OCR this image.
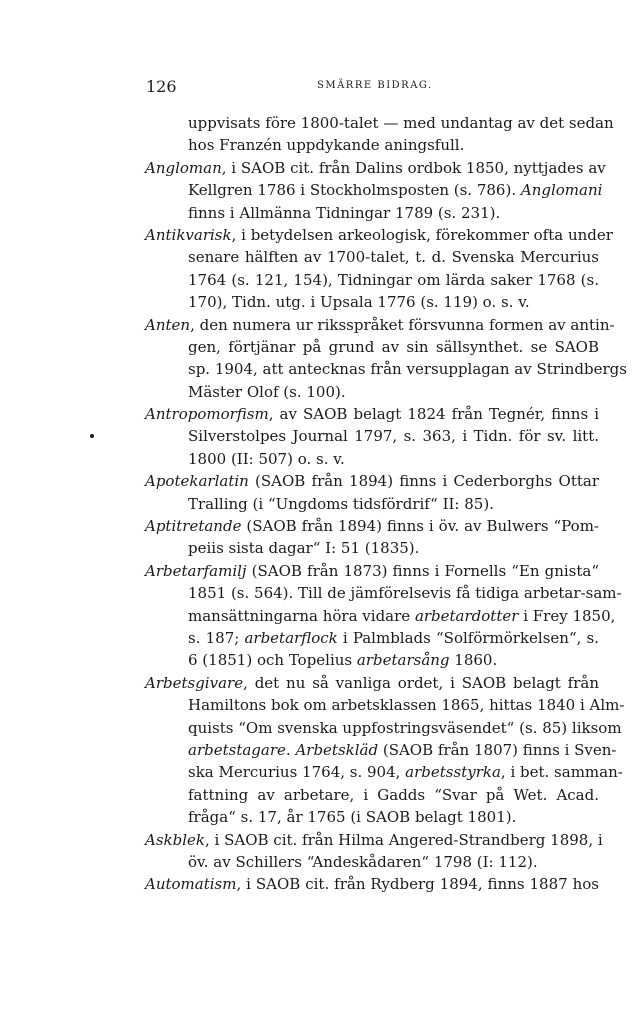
126	SMÄRRE BIDRAG.
uppvisats före 1800-talet — med undantag av det sedan
hos Franzén uppdykande aningsfull.
Angloman, i SAOB cit. från Dalins ordbok 1850, nyttjades av
Kellgren 1786 i Stockholmsposten (s. 786). Anglomani
finns i Allmänna Tidningar 1789 (s. 231).
Antikvarisk, i betydelsen arkeologisk, förekommer ofta under
senare hälften av 1700-talet, t. d. Svenska Mercurius
1764 (s. 121, 154), Tidningar om lärda saker 1768 (s.
170), Tidn. utg. i Upsala 1776 (s. 119) o. s. v.
Anten, den numera ur riksspråket försvunna formen av antin-
gen, förtjänar på grund av sin sällsynthet. se SAOB
sp. 1904, att antecknas från versupplagan av Strindbergs
Mäster Olof (s. 100).
Antropomorfism, av SAOB belagt 1824 från Tegnér, finns i
Silverstolpes Journal 1797, s. 363, i Tidn. för sv. litt.
1800 (II: 507) o. s. v.
Apotekarlatin (SAOB från 1894) finns i Cederborghs Ottar
Tralling (i “Ungdoms tidsfördrif“ II: 85).
Aptitretande (SAOB från 1894) finns i öv. av Bulwers “Pom-
peiis sista dagar“ I: 51 (1835).
Arbetarfamilj (SAOB från 1873) finns i Fornells “En gnista“
1851 (s. 564). Till de jämförelsevis få tidiga arbetar-sam-
mansättningarna höra vidare arbetardotter i Frey 1850,
s. 187; arbetarflock i Palmblads “Solförmörkelsen“, s.
6 (1851) och Topelius arbetarsång 1860.
Arbetsgivare, det nu så vanliga ordet, i SAOB belagt från
Hamiltons bok om arbetsklassen 1865, hittas 1840 i Alm-
quists “Om svenska uppfostringsväsendet“ (s. 85) liksom
arbetstagare. Arbetskläd (SAOB från 1807) finns i Sven-
ska Mercurius 1764, s. 904, arbetsstyrka, i bet. samman-
fattning av arbetare, i Gadds “Svar på Wet. Acad.
fråga“ s. 17, år 1765 (i SAOB belagt 1801).
Askblek, i SAOB cit. från Hilma Angered-Strandberg 1898, i
öv. av Schillers “Andeskådaren“ 1798 (I: 112).
Automatism, i SAOB cit. från Rydberg 1894, finns 1887 hos
